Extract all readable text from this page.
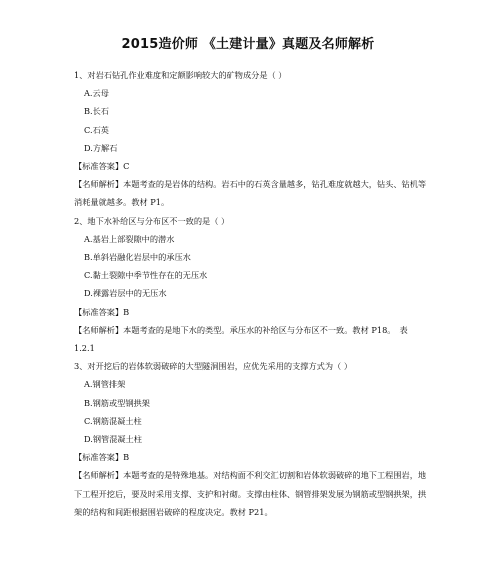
2015造价师 《土建计量》真题及名师解析
1、对岩石钻孔作业难度和定额影响较大的矿物成分是（ ）
A.云母
B.长石
C.石英
D.方解石
【标准答案】C
【名师解析】本题考查的是岩体的结构。岩石中的石英含量越多，钻孔难度就越大，钻头、钻机等消耗量就越多。教材 P1。
2、地下水补给区与分布区不一致的是（ ）
A.基岩上部裂隙中的潜水
B.单斜岩融化岩层中的承压水
C.黏土裂隙中季节性存在的无压水
D.裸露岩层中的无压水
【标准答案】B
【名师解析】本题考查的是地下水的类型。承压水的补给区与分布区不一致。教材 P18。　表 1.2.1
3、对开挖后的岩体软弱破碎的大型隧洞围岩，应优先采用的支撑方式为（ ）
A.钢管排架
B.钢筋或型钢拱架
C.钢筋混凝土柱
D.钢管混凝土柱
【标准答案】B
【名师解析】本题考查的是特殊地基。对结构面不利交汇切割和岩体软弱破碎的地下工程围岩，地下工程开挖后，要及时采用支撑、支护和衬砌。支撑由柱体、钢管排架发展为钢筋或型钢拱架，拱架的结构和间距根据围岩破碎的程度决定。教材 P21。
